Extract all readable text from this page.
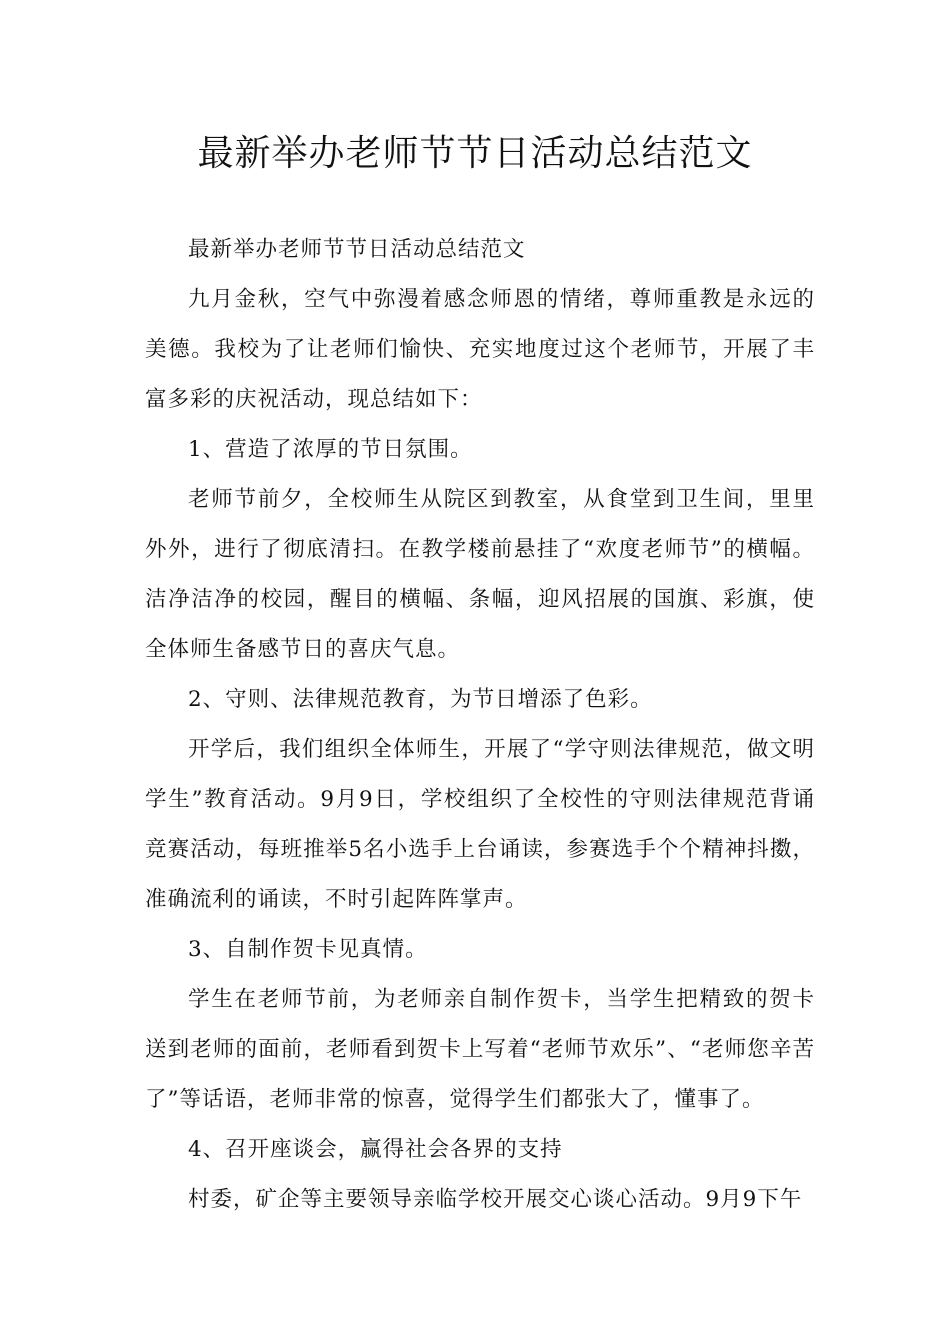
最新举办老师节节日活动总结范文

最新举办老师节节日活动总结范文

九月金秋，空气中弥漫着感念师恩的情绪，尊师重教是永远的美德。我校为了让老师们愉快、充实地度过这个老师节，开展了丰富多彩的庆祝活动，现总结如下：

1、营造了浓厚的节日氛围。

老师节前夕，全校师生从院区到教室，从食堂到卫生间，里里外外，进行了彻底清扫。在教学楼前悬挂了“欢度老师节”的横幅。洁净洁净的校园，醒目的横幅、条幅，迎风招展的国旗、彩旗，使全体师生备感节日的喜庆气息。

2、守则、法律规范教育，为节日增添了色彩。

开学后，我们组织全体师生，开展了“学守则法律规范，做文明学生”教育活动。9月9日，学校组织了全校性的守则法律规范背诵竞赛活动，每班推举5名小选手上台诵读，参赛选手个个精神抖擞，准确流利的诵读，不时引起阵阵掌声。

3、自制作贺卡见真情。

学生在老师节前，为老师亲自制作贺卡，当学生把精致的贺卡送到老师的面前，老师看到贺卡上写着“老师节欢乐”、“老师您辛苦了”等话语，老师非常的惊喜，觉得学生们都张大了，懂事了。

4、召开座谈会，赢得社会各界的支持

村委，矿企等主要领导亲临学校开展交心谈心活动。9月9下午
